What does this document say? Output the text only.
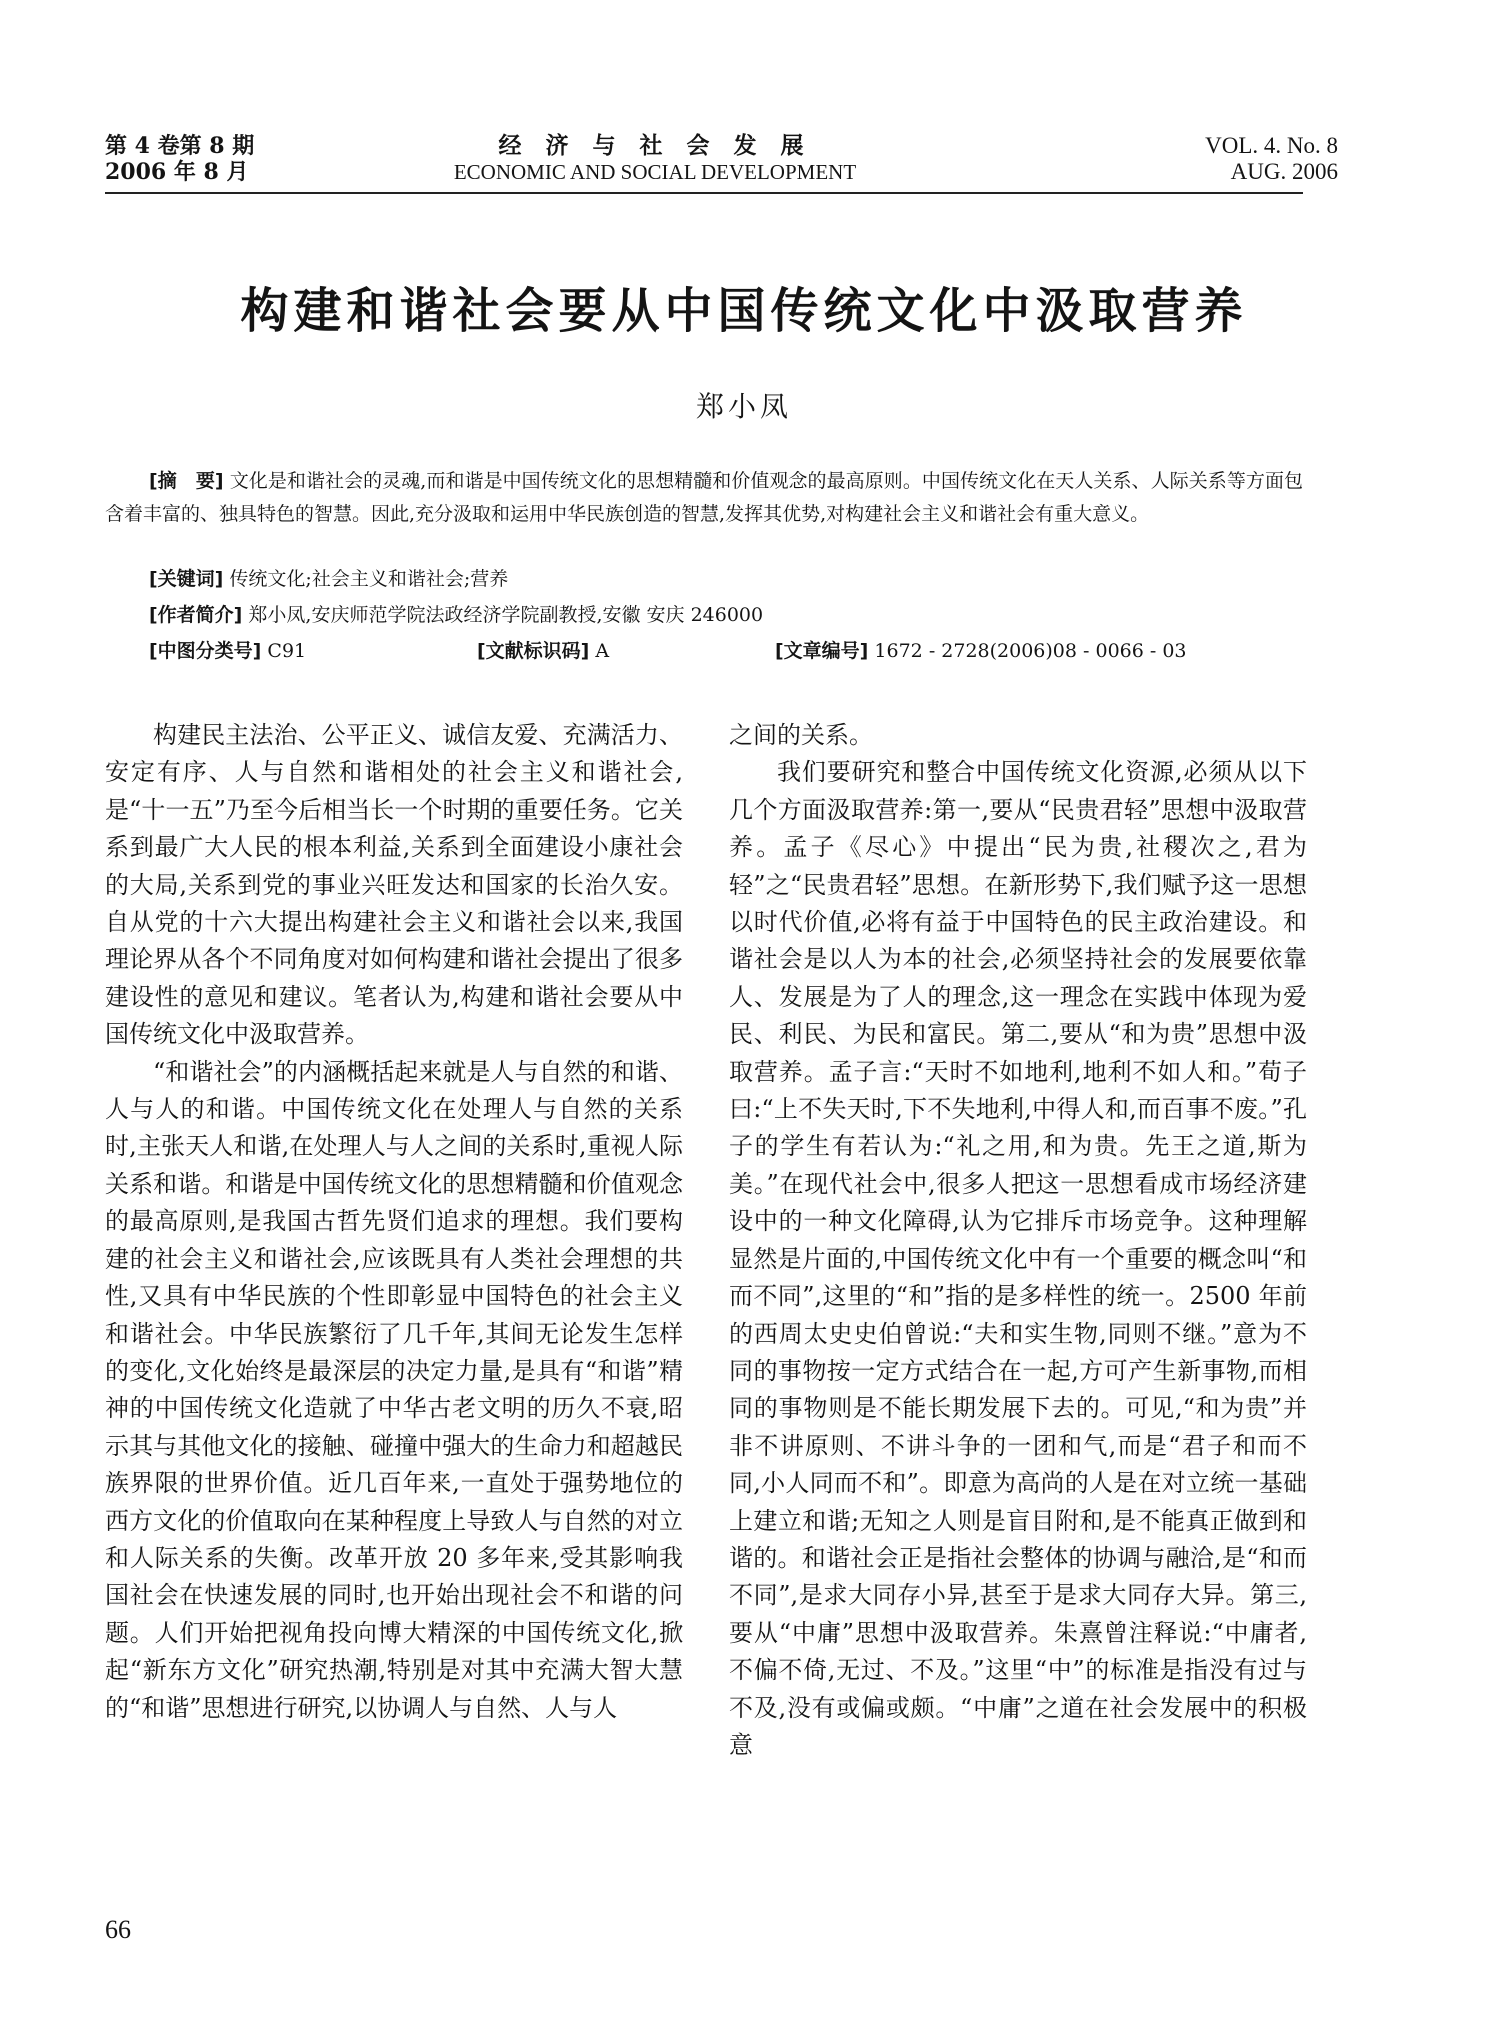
第 4 卷第 8 期
2006 年 8 月
经 济 与 社 会 发 展
ECONOMIC AND SOCIAL DEVELOPMENT
VOL. 4. No. 8
AUG. 2006
构建和谐社会要从中国传统文化中汲取营养
郑小凤
[摘　要] 文化是和谐社会的灵魂,而和谐是中国传统文化的思想精髓和价值观念的最高原则。中国传统文化在天人关系、人际关系等方面包含着丰富的、独具特色的智慧。因此,充分汲取和运用中华民族创造的智慧,发挥其优势,对构建社会主义和谐社会有重大意义。
[关键词] 传统文化;社会主义和谐社会;营养
[作者简介] 郑小凤,安庆师范学院法政经济学院副教授,安徽 安庆 246000
[中图分类号] C91	[文献标识码] A	[文章编号] 1672 - 2728(2006)08 - 0066 - 03

构建民主法治、公平正义、诚信友爱、充满活力、安定有序、人与自然和谐相处的社会主义和谐社会,是“十一五”乃至今后相当长一个时期的重要任务。它关系到最广大人民的根本利益,关系到全面建设小康社会的大局,关系到党的事业兴旺发达和国家的长治久安。自从党的十六大提出构建社会主义和谐社会以来,我国理论界从各个不同角度对如何构建和谐社会提出了很多建设性的意见和建议。笔者认为,构建和谐社会要从中国传统文化中汲取营养。

“和谐社会”的内涵概括起来就是人与自然的和谐、人与人的和谐。中国传统文化在处理人与自然的关系时,主张天人和谐,在处理人与人之间的关系时,重视人际关系和谐。和谐是中国传统文化的思想精髓和价值观念的最高原则,是我国古哲先贤们追求的理想。我们要构建的社会主义和谐社会,应该既具有人类社会理想的共性,又具有中华民族的个性即彰显中国特色的社会主义和谐社会。中华民族繁衍了几千年,其间无论发生怎样的变化,文化始终是最深层的决定力量,是具有“和谐”精神的中国传统文化造就了中华古老文明的历久不衰,昭示其与其他文化的接触、碰撞中强大的生命力和超越民族界限的世界价值。近几百年来,一直处于强势地位的西方文化的价值取向在某种程度上导致人与自然的对立和人际关系的失衡。改革开放 20 多年来,受其影响我国社会在快速发展的同时,也开始出现社会不和谐的问题。人们开始把视角投向博大精深的中国传统文化,掀起“新东方文化”研究热潮,特别是对其中充满大智大慧的“和谐”思想进行研究,以协调人与自然、人与人

之间的关系。

我们要研究和整合中国传统文化资源,必须从以下几个方面汲取营养:第一,要从“民贵君轻”思想中汲取营养。孟子《尽心》中提出“民为贵,社稷次之,君为轻”之“民贵君轻”思想。在新形势下,我们赋予这一思想以时代价值,必将有益于中国特色的民主政治建设。和谐社会是以人为本的社会,必须坚持社会的发展要依靠人、发展是为了人的理念,这一理念在实践中体现为爱民、利民、为民和富民。第二,要从“和为贵”思想中汲取营养。孟子言:“天时不如地利,地利不如人和。”荀子曰:“上不失天时,下不失地利,中得人和,而百事不废。”孔子的学生有若认为:“礼之用,和为贵。先王之道,斯为美。”在现代社会中,很多人把这一思想看成市场经济建设中的一种文化障碍,认为它排斥市场竞争。这种理解显然是片面的,中国传统文化中有一个重要的概念叫“和而不同”,这里的“和”指的是多样性的统一。2500 年前的西周太史史伯曾说:“夫和实生物,同则不继。”意为不同的事物按一定方式结合在一起,方可产生新事物,而相同的事物则是不能长期发展下去的。可见,“和为贵”并非不讲原则、不讲斗争的一团和气,而是“君子和而不同,小人同而不和”。即意为高尚的人是在对立统一基础上建立和谐;无知之人则是盲目附和,是不能真正做到和谐的。和谐社会正是指社会整体的协调与融洽,是“和而不同”,是求大同存小异,甚至于是求大同存大异。第三,要从“中庸”思想中汲取营养。朱熹曾注释说:“中庸者,不偏不倚,无过、不及。”这里“中”的标准是指没有过与不及,没有或偏或颇。“中庸”之道在社会发展中的积极意

66
